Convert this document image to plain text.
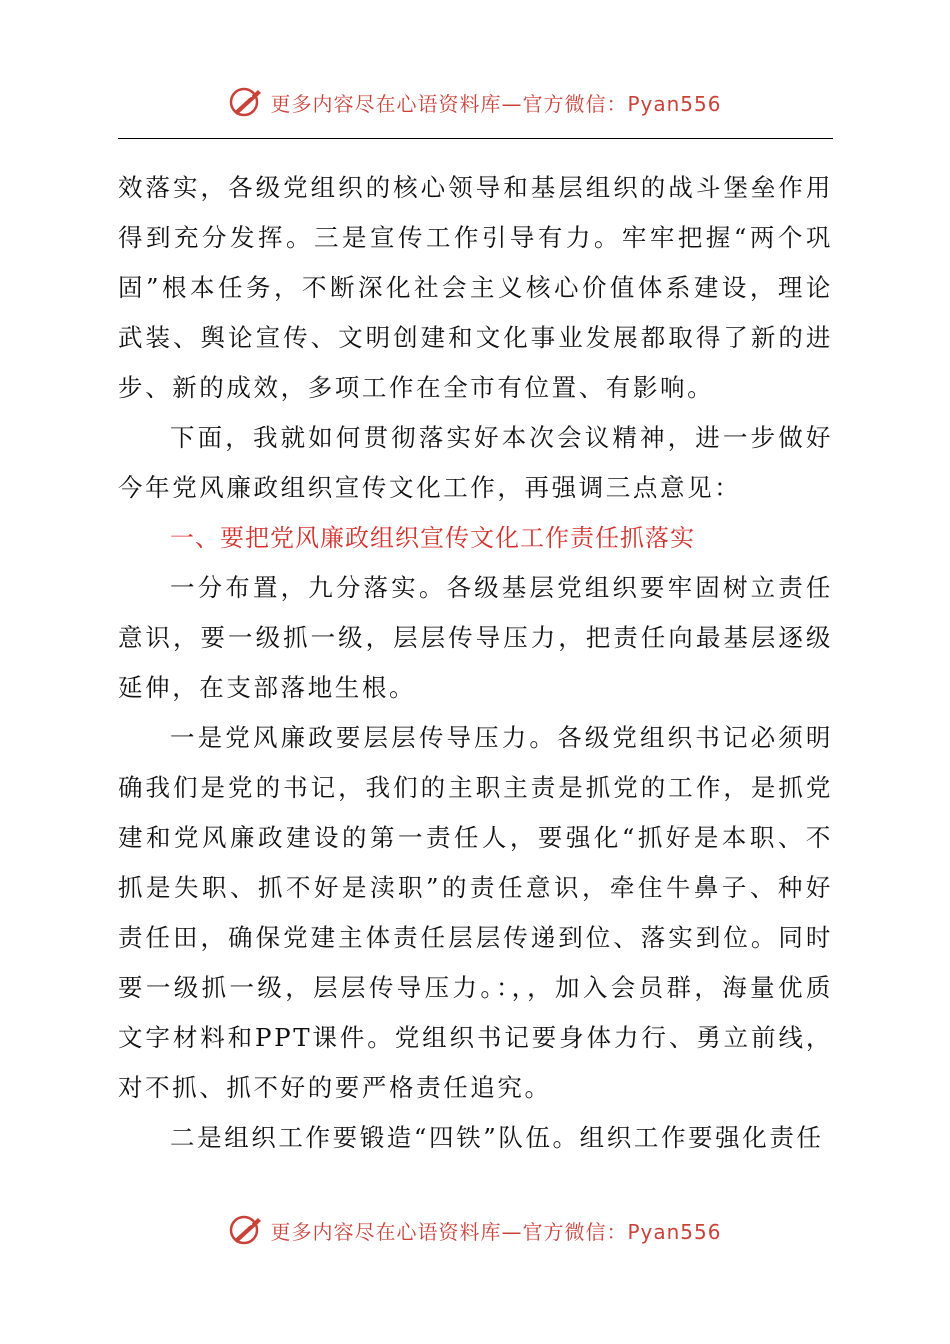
更多内容尽在心语资料库—官方微信：Pyan556

效落实，各级党组织的核心领导和基层组织的战斗堡垒作用得到充分发挥。三是宣传工作引导有力。牢牢把握“两个巩固”根本任务，不断深化社会主义核心价值体系建设，理论武装、舆论宣传、文明创建和文化事业发展都取得了新的进步、新的成效，多项工作在全市有位置、有影响。

下面，我就如何贯彻落实好本次会议精神，进一步做好今年党风廉政组织宣传文化工作，再强调三点意见：

一、要把党风廉政组织宣传文化工作责任抓落实

一分布置，九分落实。各级基层党组织要牢固树立责任意识，要一级抓一级，层层传导压力，把责任向最基层逐级延伸，在支部落地生根。

一是党风廉政要层层传导压力。各级党组织书记必须明确我们是党的书记，我们的主职主责是抓党的工作，是抓党建和党风廉政建设的第一责任人，要强化“抓好是本职、不抓是失职、抓不好是渎职”的责任意识，牵住牛鼻子、种好责任田，确保党建主体责任层层传递到位、落实到位。同时要一级抓一级，层层传导压力。：，，加入会员群，海量优质文字材料和PPT课件。党组织书记要身体力行、勇立前线，对不抓、抓不好的要严格责任追究。

二是组织工作要锻造“四铁”队伍。组织工作要强化责任

更多内容尽在心语资料库—官方微信：Pyan556
